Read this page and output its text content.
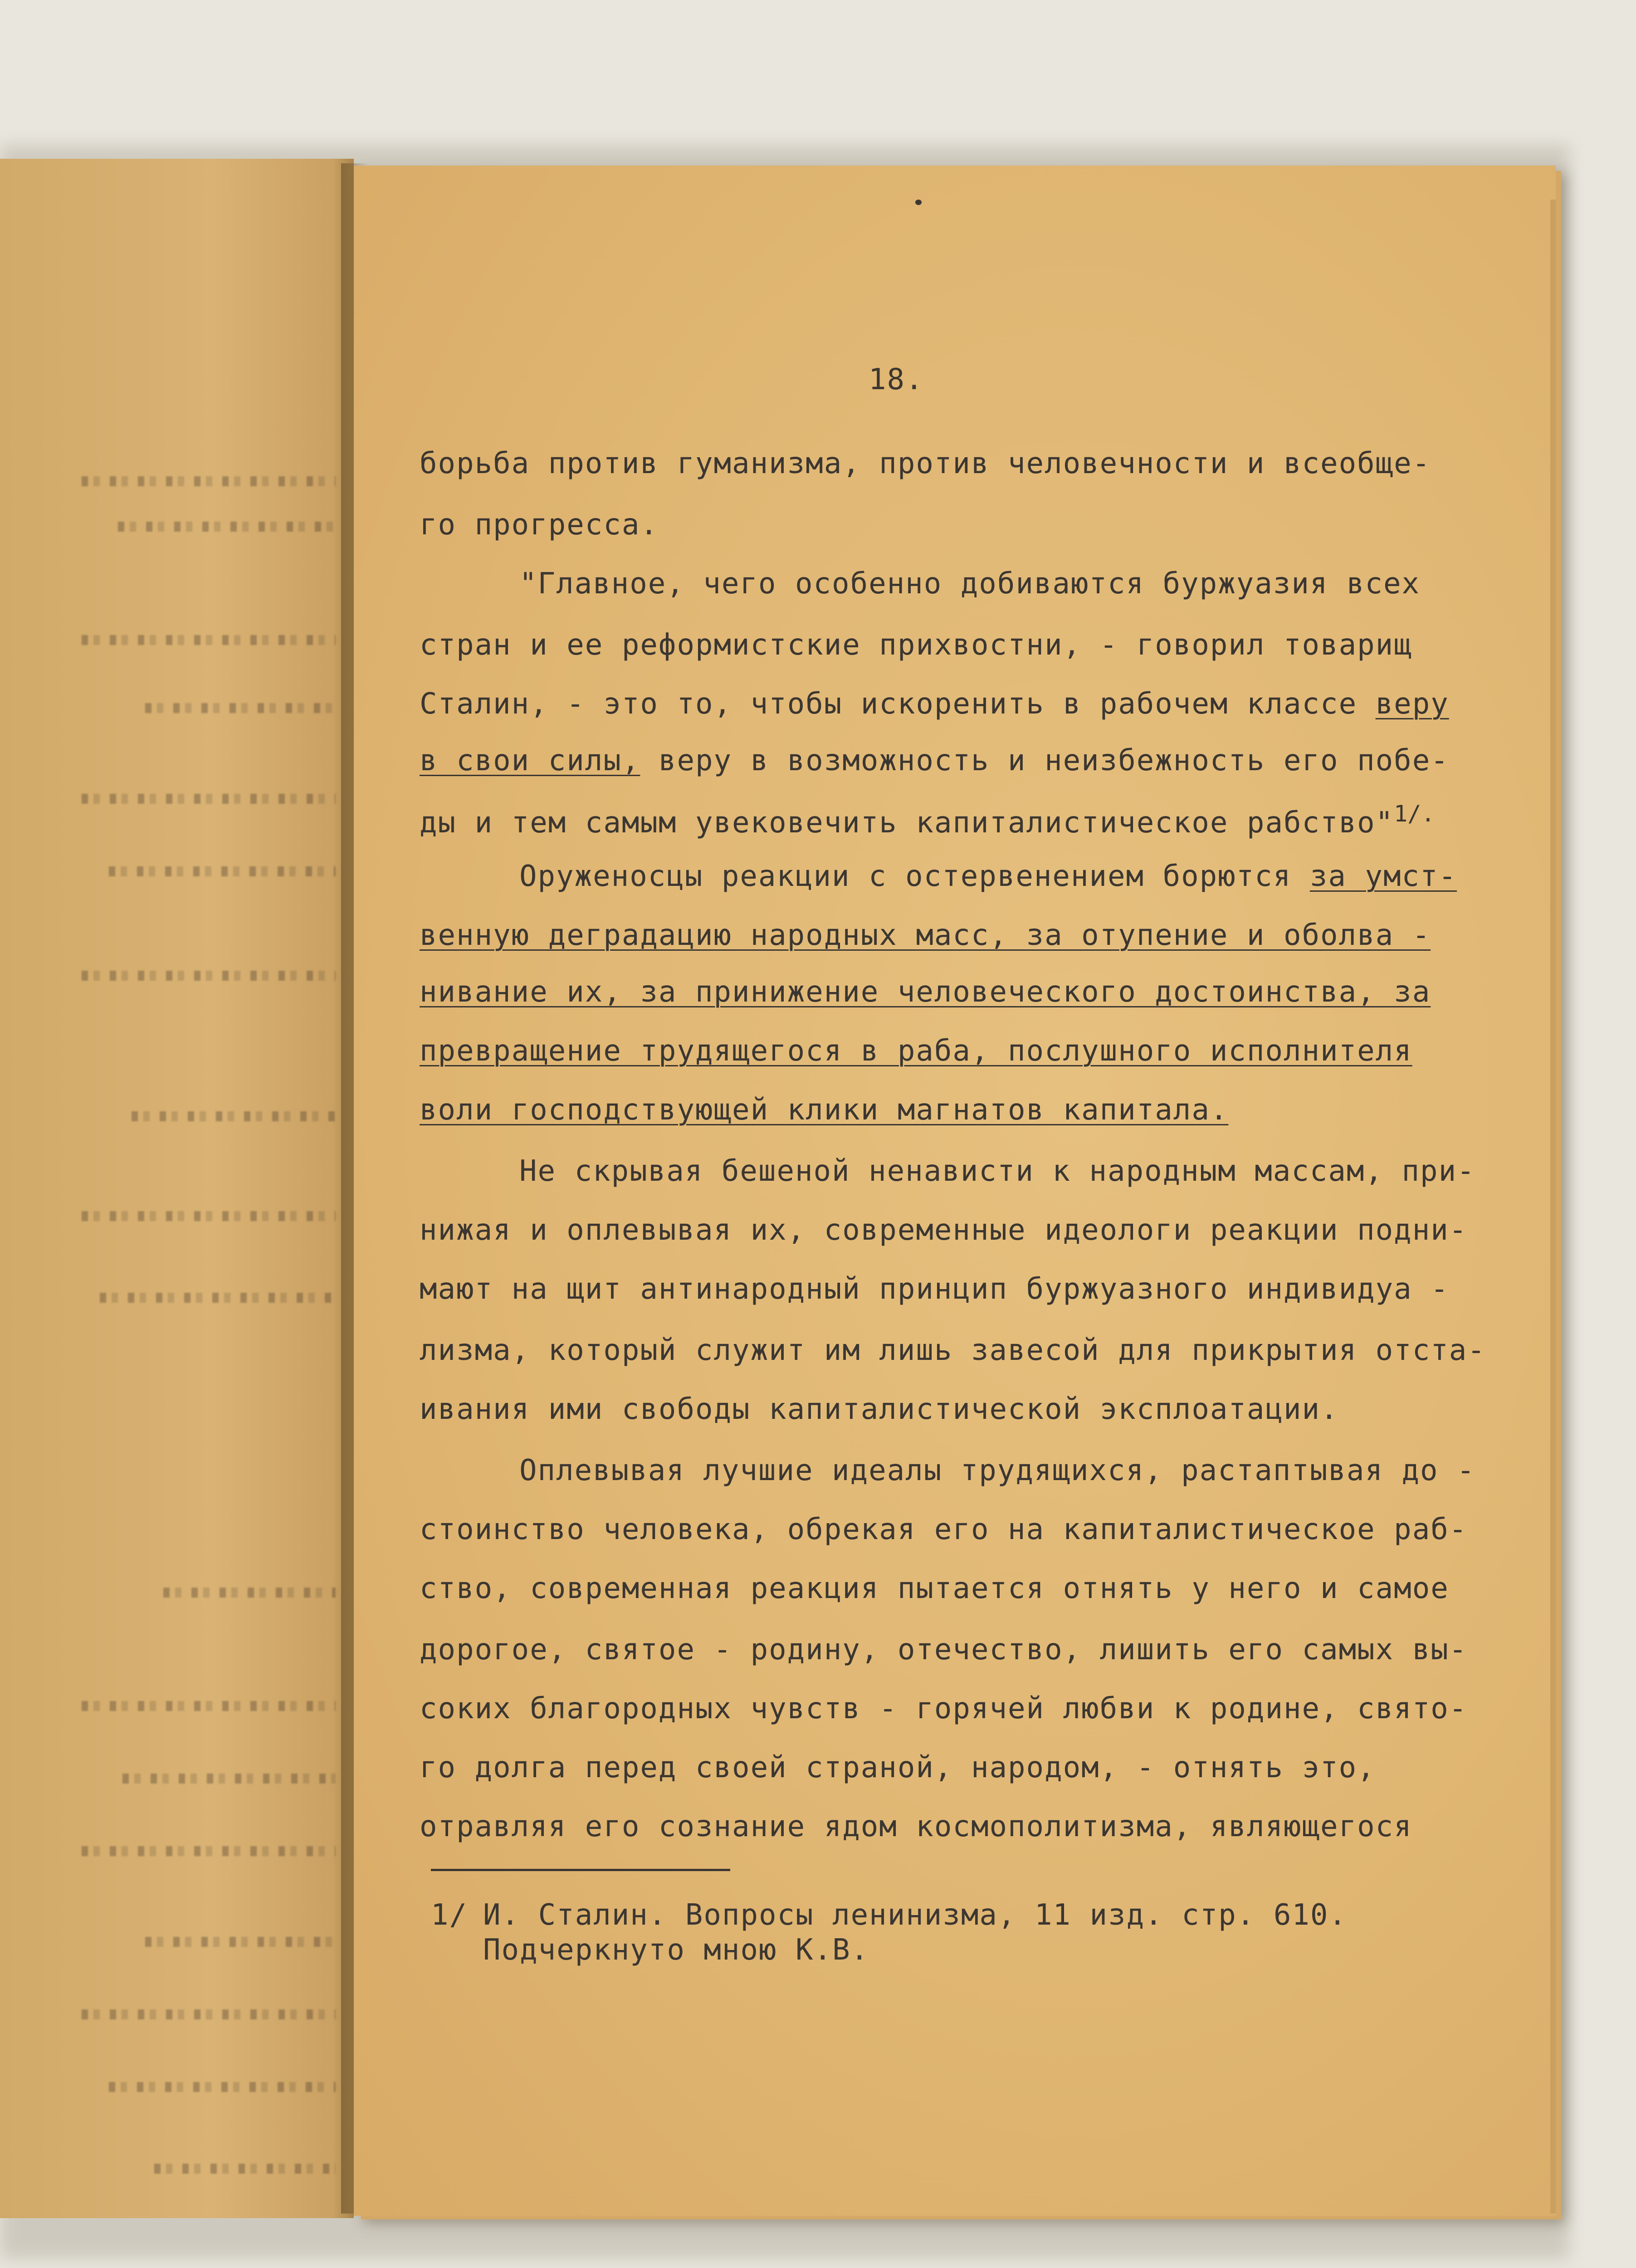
18.
борьба против гуманизма, против человечности и всеобще-
го прогресса.
"Главное, чего особенно добиваются буржуазия всех
стран и ее реформистские прихвостни, - говорил товарищ
Сталин, - это то, чтобы искоренить в рабочем классе веру
в свои силы, веру в возможность и неизбежность его побе-
ды и тем самым увековечить капиталистическое рабство"$^{1/.}$
Оруженосцы реакции с остервенением борются за умст-
венную деградацию народных масс, за отупение и оболва -
нивание их, за принижение человеческого достоинства, за
превращение трудящегося в раба, послушного исполнителя
воли господствующей клики магнатов капитала.
Не скрывая бешеной ненависти к народным массам, при-
нижая и оплевывая их, современные идеологи реакции подни-
мают на щит антинародный принцип буржуазного индивидуа -
лизма, который служит им лишь завесой для прикрытия отста-
ивания ими свободы капиталистической эксплоатации.
Оплевывая лучшие идеалы трудящихся, растаптывая до -
стоинство человека, обрекая его на капиталистическое раб-
ство, современная реакция пытается отнять у него и самое
дорогое, святое - родину, отечество, лишить его самых вы-
соких благородных чувств - горячей любви к родине, свято-
го долга перед своей страной, народом, - отнять это,
отравляя его сознание ядом космополитизма, являющегося
1/ И. Сталин. Вопросы ленинизма, 11 изд. стр. 610.
Подчеркнуто мною К.В.
